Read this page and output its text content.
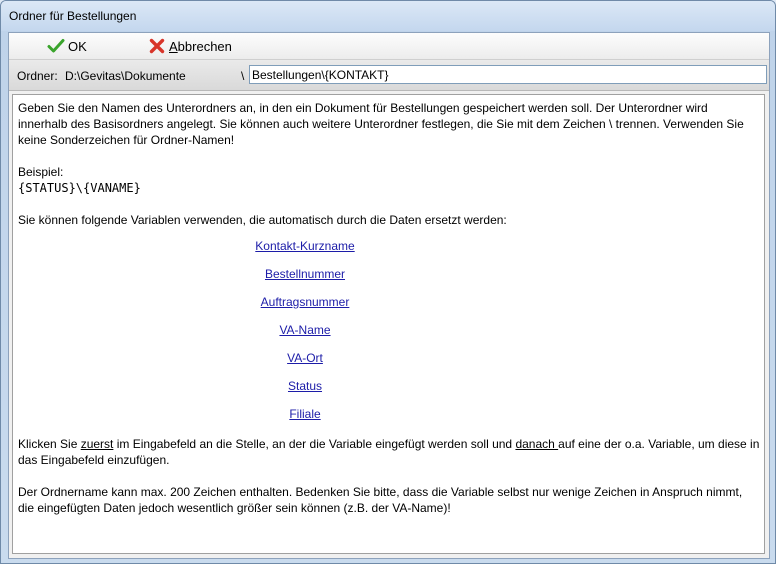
Ordner für Bestellungen
OK	Abbrechen
Ordner: D:\Gevitas\Dokumente	\
Bestellungen\{KONTAKT}

Geben Sie den Namen des Unterordners an, in den ein Dokument für Bestellungen gespeichert werden soll. Der Unterordner wird innerhalb des Basisordners angelegt. Sie können auch weitere Unterordner festlegen, die Sie mit dem Zeichen \ trennen. Verwenden Sie keine Sonderzeichen für Ordner-Namen!

Beispiel:

{STATUS}\{VANAME}

Sie können folgende Variablen verwenden, die automatisch durch die Daten ersetzt werden:

Kontakt-Kurzname
Bestellnummer
Auftragsnummer
VA-Name
VA-Ort
Status
Filiale

Klicken Sie zuerst im Eingabefeld an die Stelle, an der die Variable eingefügt werden soll und danach auf eine der o.a. Variable, um diese in das Eingabefeld einzufügen.

Der Ordnername kann max. 200 Zeichen enthalten. Bedenken Sie bitte, dass die Variable selbst nur wenige Zeichen in Anspruch nimmt, die eingefügten Daten jedoch wesentlich größer sein können (z.B. der VA-Name)!
